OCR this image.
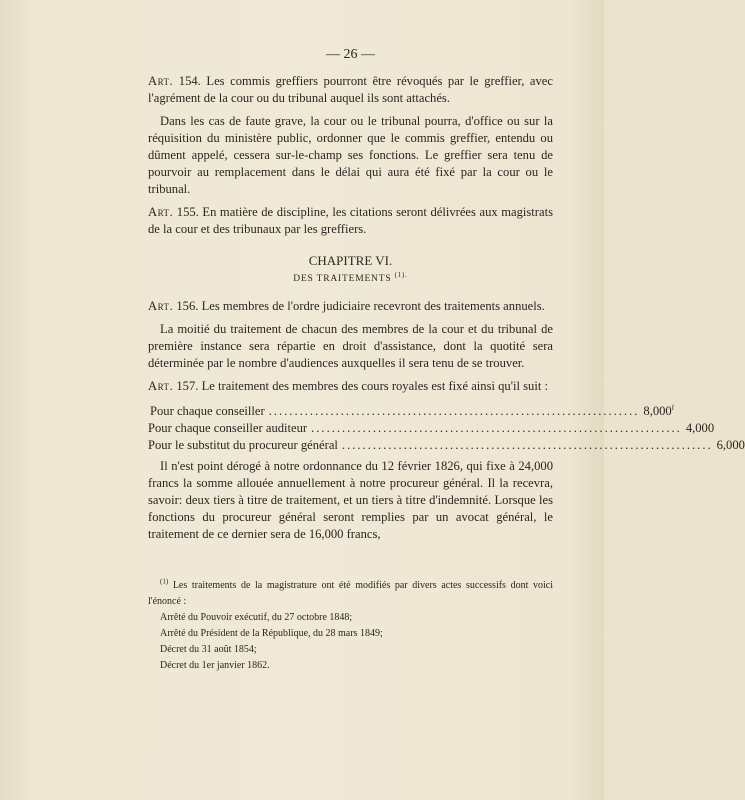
— 26 —

Art. 154. Les commis greffiers pourront être révoqués par le greffier, avec l'agrément de la cour ou du tribunal auquel ils sont attachés.

Dans les cas de faute grave, la cour ou le tribunal pourra, d'office ou sur la réquisition du ministère public, ordonner que le commis greffier, entendu ou dûment appelé, cessera sur-le-champ ses fonctions. Le greffier sera tenu de pourvoir au remplacement dans le délai qui aura été fixé par la cour ou le tribunal.

Art. 155. En matière de discipline, les citations seront délivrées aux magistrats de la cour et des tribunaux par les greffiers.

CHAPITRE VI.
DES TRAITEMENTS $^{(1).}$

Art. 156. Les membres de l'ordre judiciaire recevront des traitements annuels.

La moitié du traitement de chacun des membres de la cour et du tribunal de première instance sera répartie en droit d'assistance, dont la quotité sera déterminée par le nombre d'audiences auxquelles il sera tenu de se trouver.

Art. 157. Le traitement des membres des cours royales est fixé ainsi qu'il suit :

Pour chaque conseiller ........................................................................ 8,000$^f$
Pour chaque conseiller auditeur ........................................................................ 4,000
Pour le substitut du procureur général ........................................................................ 6,000

Il n'est point dérogé à notre ordonnance du 12 février 1826, qui fixe à 24,000 francs la somme allouée annuellement à notre procureur général. Il la recevra, savoir: deux tiers à titre de traitement, et un tiers à titre d'indemnité. Lorsque les fonctions du procureur général seront remplies par un avocat général, le traitement de ce dernier sera de 16,000 francs,

$^{(1)}$ Les traitements de la magistrature ont été modifiés par divers actes successifs dont voici l'énoncé :

Arrêté du Pouvoir exécutif, du 27 octobre 1848;

Arrêté du Président de la République, du 28 mars 1849;

Décret du 31 août 1854;

Décret du 1er janvier 1862.
